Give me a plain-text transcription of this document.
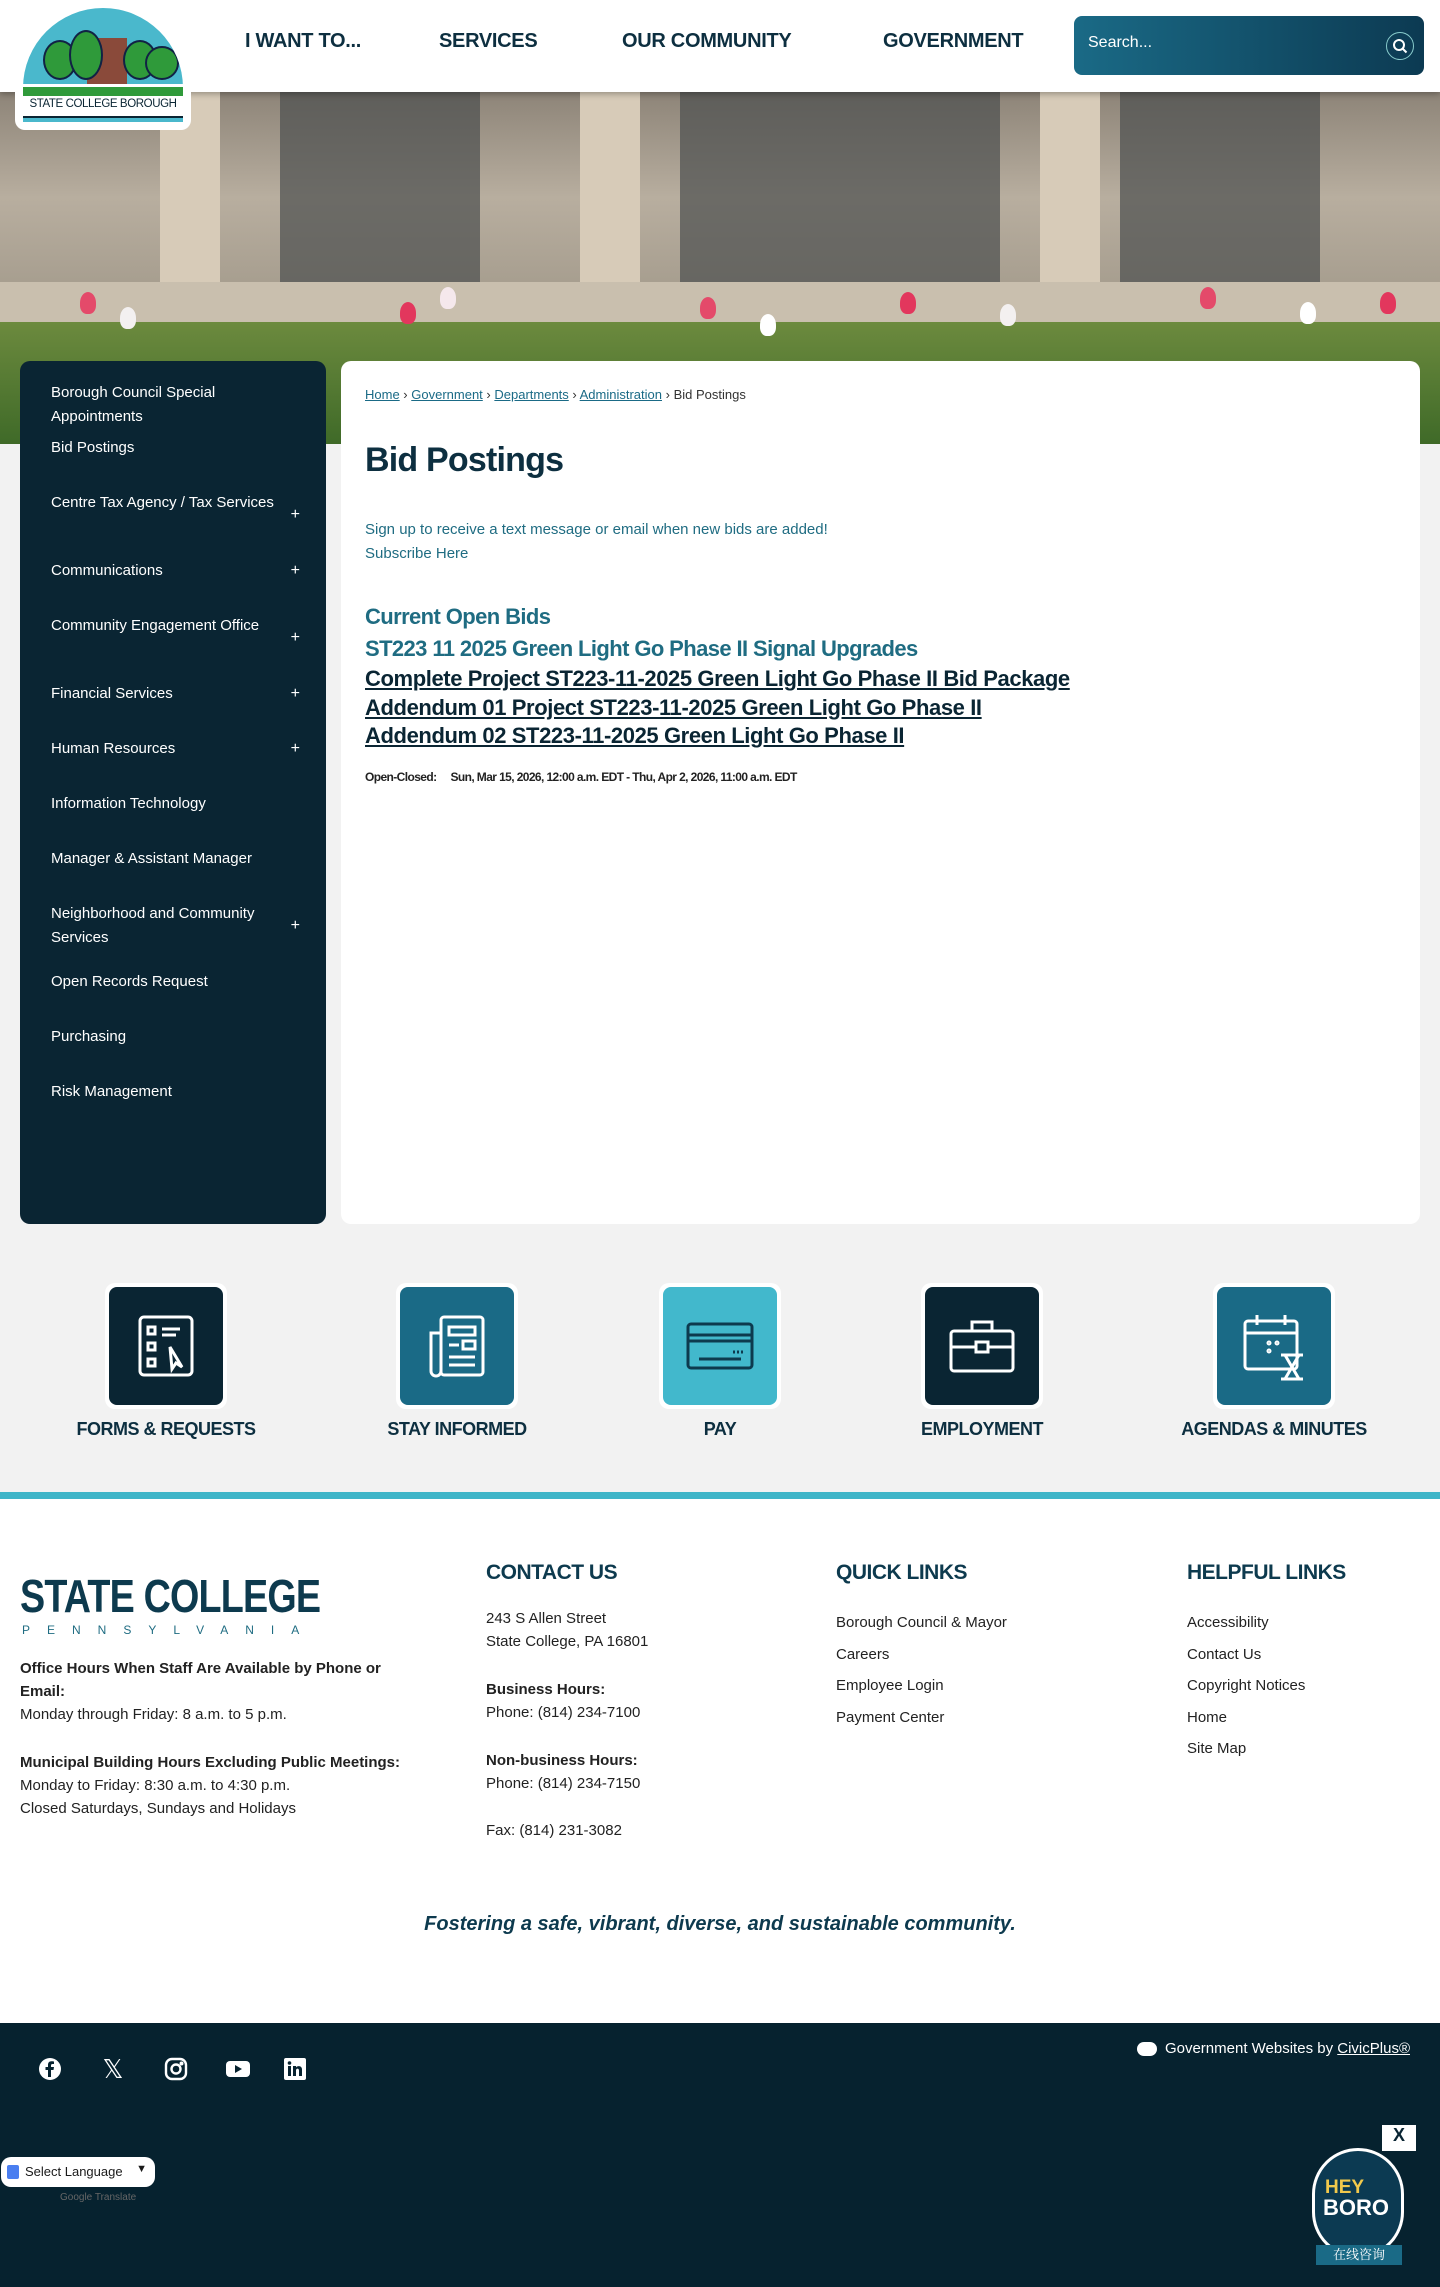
I WANT TO...	SERVICES	OUR COMMUNITY	GOVERNMENT
Search...
STATE COLLEGE BOROUGH
Borough Council Special Appointments
Bid Postings
Centre Tax Agency / Tax Services
+
Communications	+
Community Engagement Office
+
Financial Services	+
Human Resources	+
Information Technology
Manager & Assistant Manager
Neighborhood and Community Services
+
Open Records Request
Purchasing
Risk Management
Home › Government › Departments › Administration › Bid Postings
Bid Postings
Sign up to receive a text message or email when new bids are added!
Subscribe Here
Current Open Bids
ST223 11 2025 Green Light Go Phase II Signal Upgrades
Complete Project ST223-11-2025 Green Light Go Phase II Bid Package
Addendum 01 Project ST223-11-2025 Green Light Go Phase II
Addendum 02 ST223-11-2025 Green Light Go Phase II
Open-Closed: Sun, Mar 15, 2026, 12:00 a.m. EDT - Thu, Apr 2, 2026, 11:00 a.m. EDT
FORMS & REQUESTS	STAY INFORMED	PAY	EMPLOYMENT	AGENDAS & MINUTES
STATE COLLEGE
PENNSYLVANIA
Office Hours When Staff Are Available by Phone or Email:
Monday through Friday: 8 a.m. to 5 p.m.
Municipal Building Hours Excluding Public Meetings:
Monday to Friday: 8:30 a.m. to 4:30 p.m.
Closed Saturdays, Sundays and Holidays
CONTACT US
243 S Allen Street
State College, PA 16801
Business Hours:
Phone: (814) 234-7100
Non-business Hours:
Phone: (814) 234-7150
Fax: (814) 231-3082
QUICK LINKS
Borough Council & Mayor
Careers
Employee Login
Payment Center
HELPFUL LINKS
Accessibility
Contact Us
Copyright Notices
Home
Site Map
Fostering a safe, vibrant, diverse, and sustainable community.
𝕏
Government Websites by CivicPlus®
Select Language ▼
Google Translate
X
HEY
BORO
在线咨询
